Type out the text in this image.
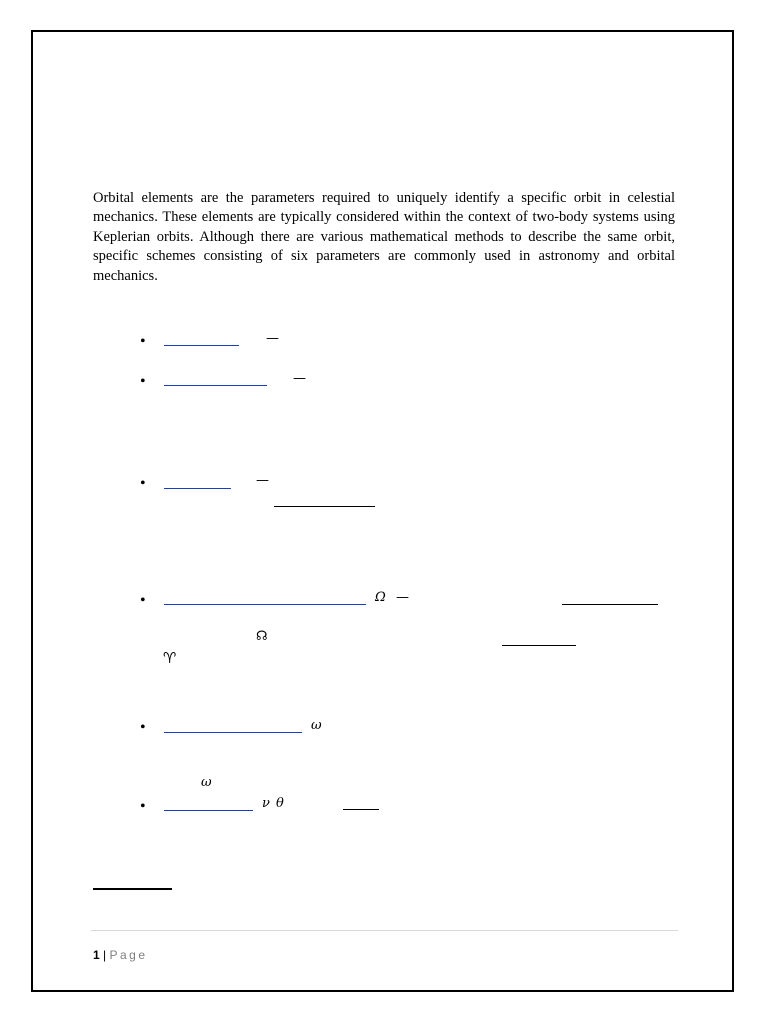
Orbital elements are the parameters required to uniquely identify a specific orbit in celestial mechanics. These elements are typically considered within the context of two-body systems using Keplerian orbits. Although there are various mathematical methods to describe the same orbit, specific schemes consisting of six parameters are commonly used in astronomy and orbital mechanics.

•	—
•	—
•	—
•	Ω —
☊
♈
•	ω
ω
•	ν θ
1 | Page
